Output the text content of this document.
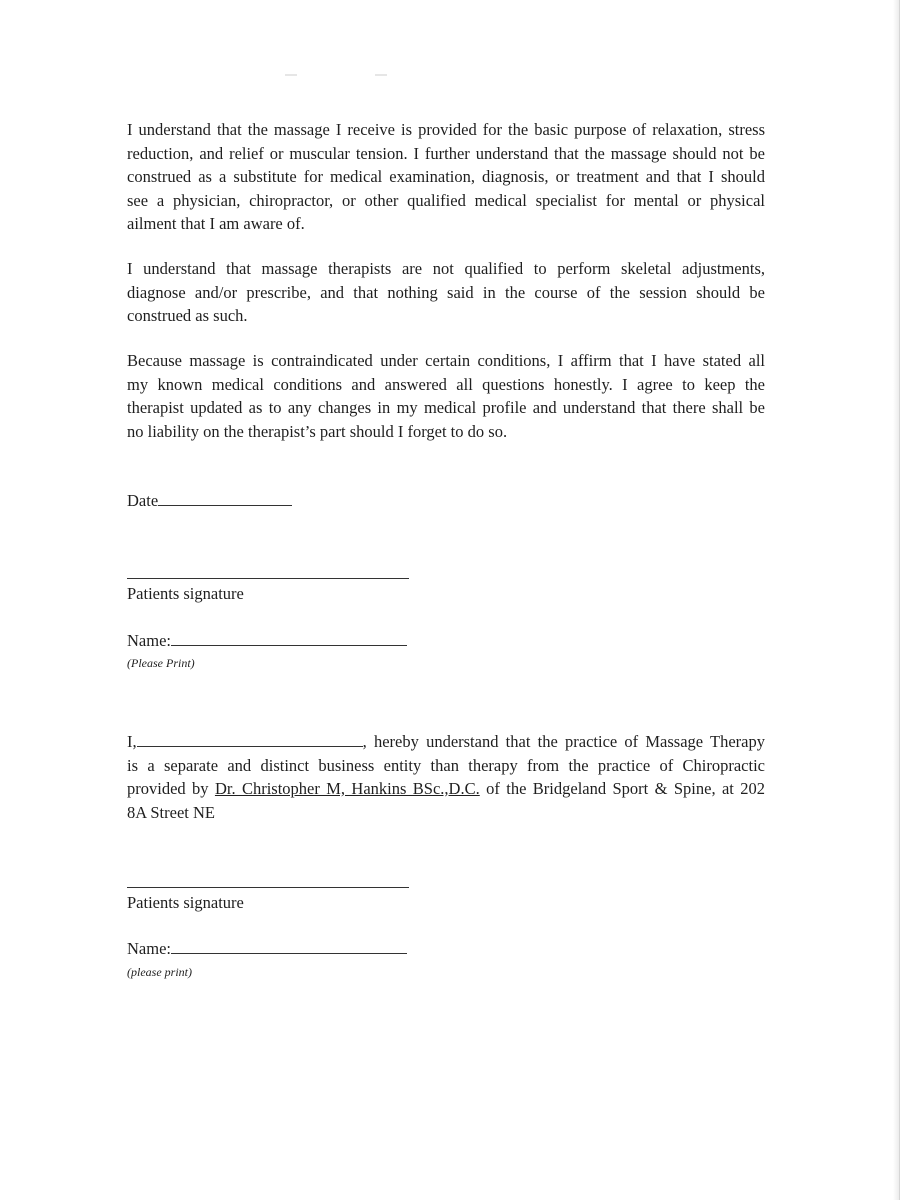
I understand that the massage I receive is provided for the basic purpose of relaxation, stress
reduction, and relief or muscular tension. I further understand that the massage should not be
construed as a substitute for medical examination, diagnosis, or treatment and that I should
see a physician, chiropractor, or other qualified medical specialist for mental or physical
ailment that I am aware of.
I understand that massage therapists are not qualified to perform skeletal adjustments,
diagnose and/or prescribe, and that nothing said in the course of the session should be
construed as such.
Because massage is contraindicated under certain conditions, I affirm that I have stated all
my known medical conditions and answered all questions honestly. I agree to keep the
therapist updated as to any changes in my medical profile and understand that there shall be
no liability on the therapist’s part should I forget to do so.
Date
Patients signature
Name:
(Please Print)
I,	, hereby understand that the practice of Massage Therapy
is a separate and distinct business entity than therapy from the practice of Chiropractic
provided by Dr. Christopher M, Hankins BSc.,D.C. of the Bridgeland Sport & Spine, at 202
8A Street NE
Patients signature
Name:
(please print)
